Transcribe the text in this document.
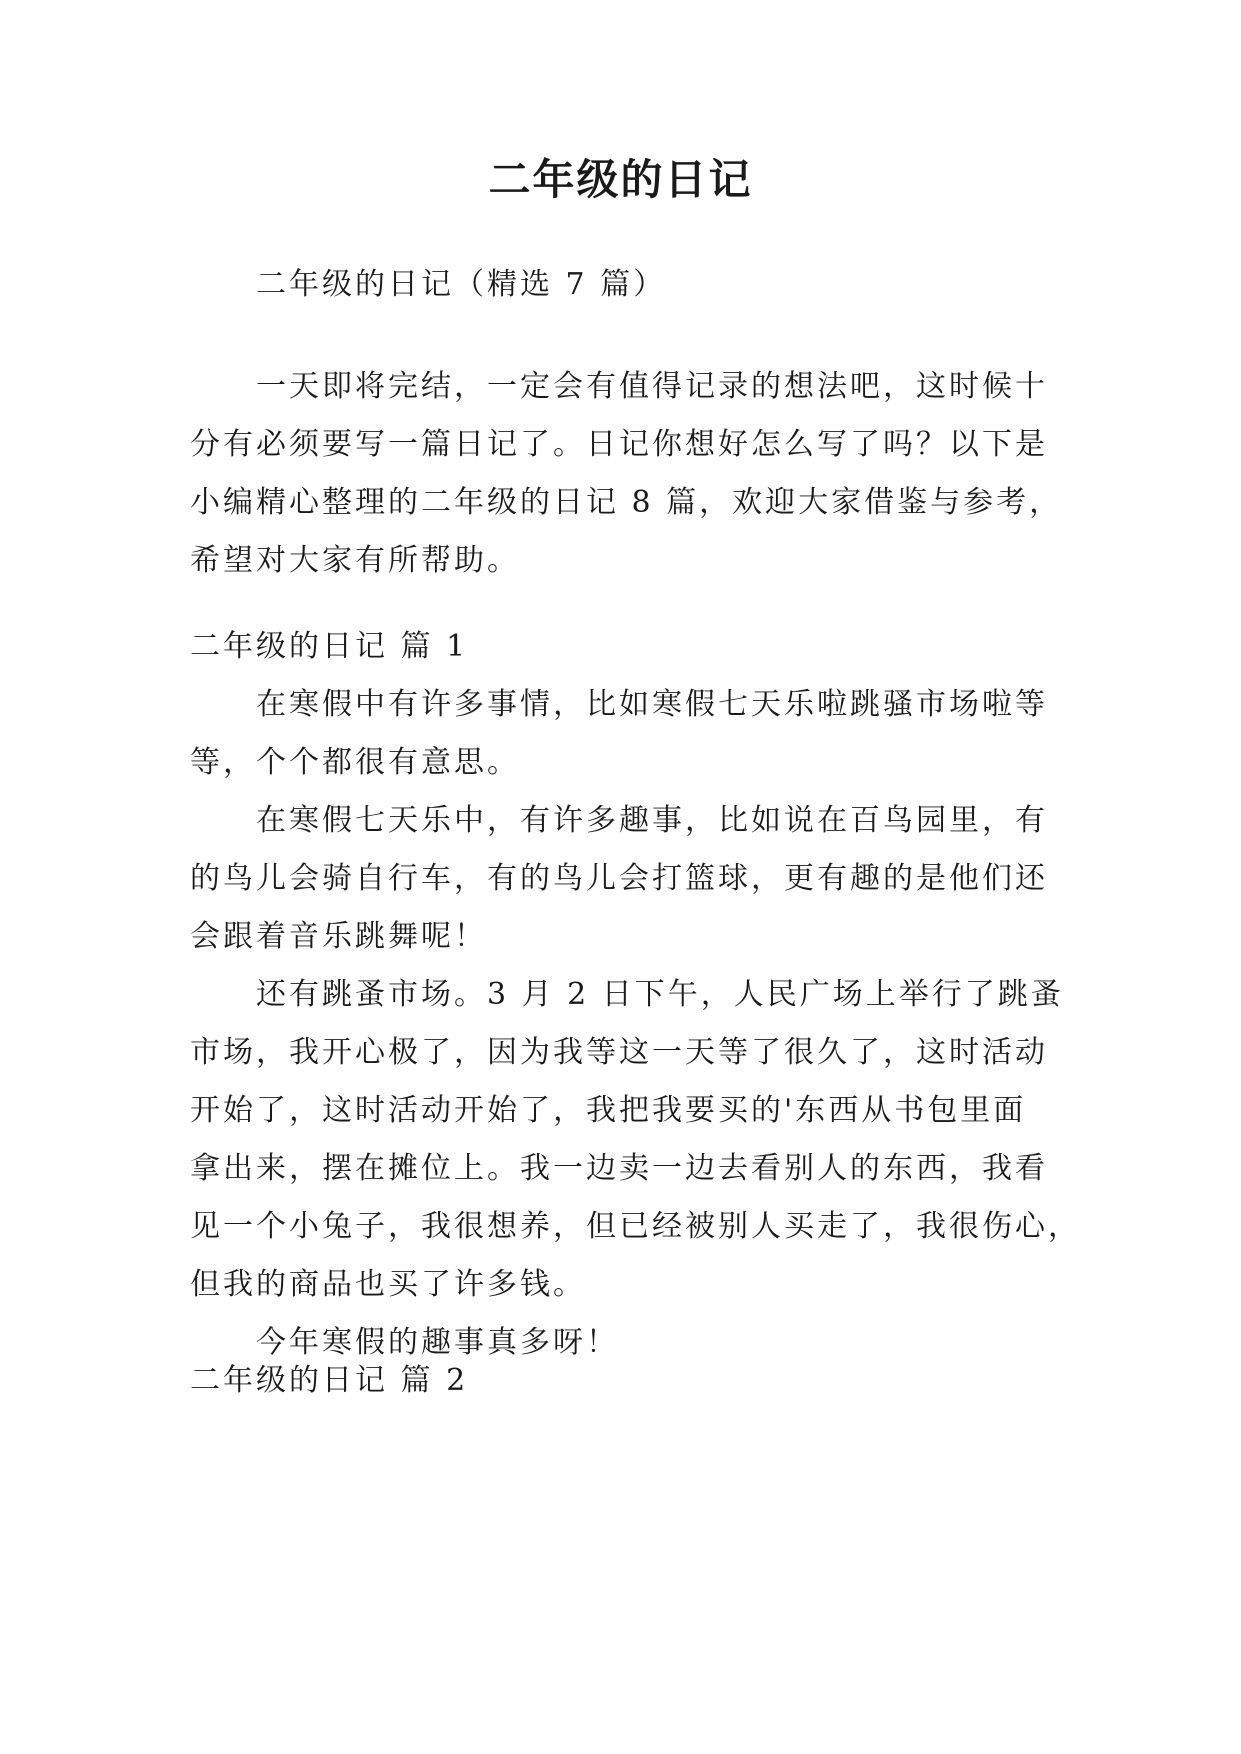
二年级的日记
二年级的日记（精选 7 篇）
一天即将完结，一定会有值得记录的想法吧，这时候十
分有必须要写一篇日记了。日记你想好怎么写了吗？以下是
小编精心整理的二年级的日记 8 篇，欢迎大家借鉴与参考，
希望对大家有所帮助。
二年级的日记 篇 1
在寒假中有许多事情，比如寒假七天乐啦跳骚市场啦等
等，个个都很有意思。
在寒假七天乐中，有许多趣事，比如说在百鸟园里，有
的鸟儿会骑自行车，有的鸟儿会打篮球，更有趣的是他们还
会跟着音乐跳舞呢！
还有跳蚤市场。3 月 2 日下午，人民广场上举行了跳蚤
市场，我开心极了，因为我等这一天等了很久了，这时活动
开始了，这时活动开始了，我把我要买的'东西从书包里面
拿出来，摆在摊位上。我一边卖一边去看别人的东西，我看
见一个小兔子，我很想养，但已经被别人买走了，我很伤心，
但我的商品也买了许多钱。
今年寒假的趣事真多呀！
二年级的日记 篇 2
